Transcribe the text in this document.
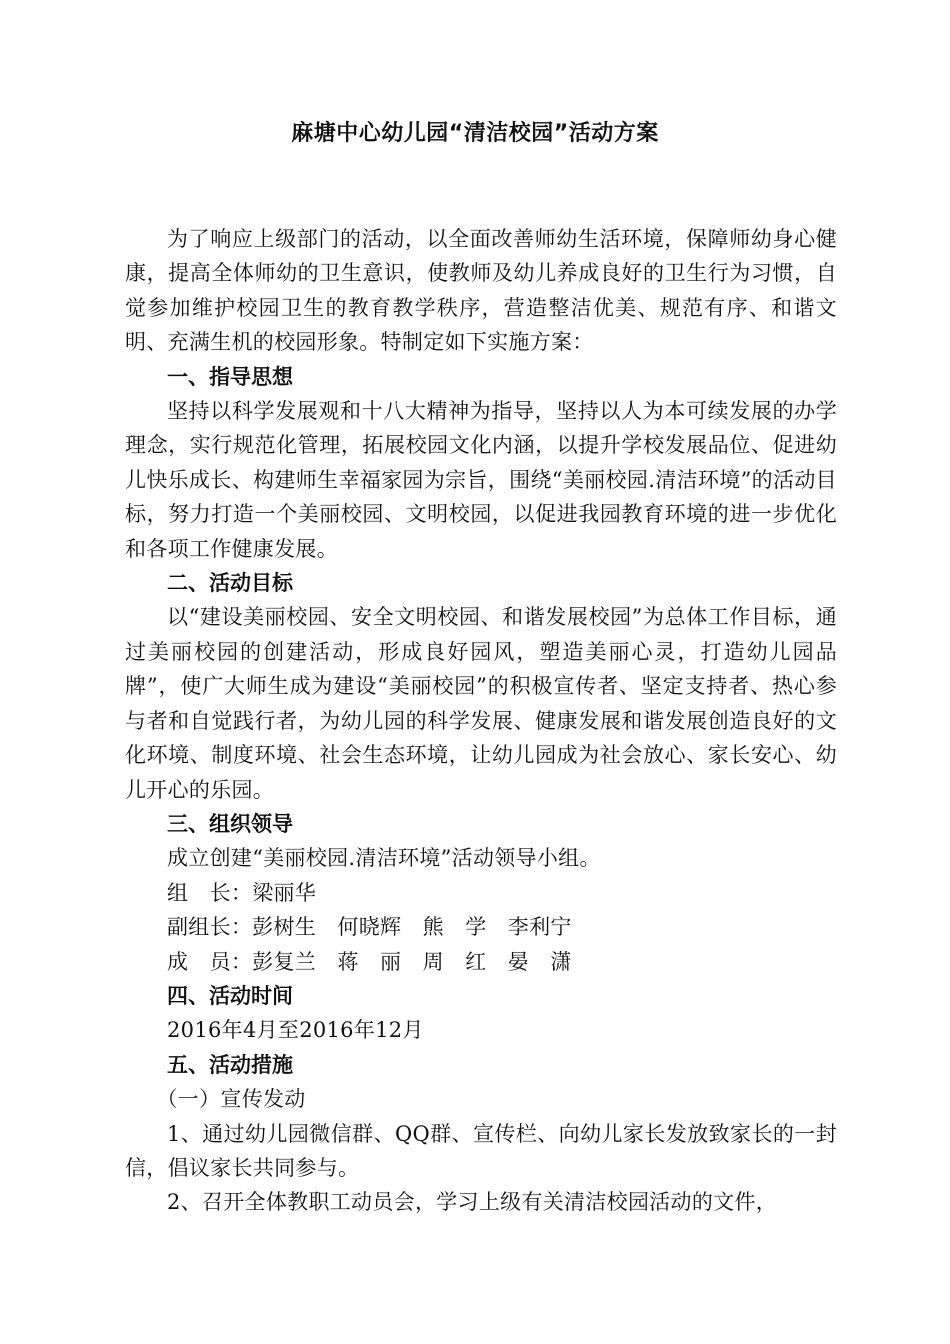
麻塘中心幼儿园“清洁校园”活动方案

为了响应上级部门的活动，以全面改善师幼生活环境，保障师幼身心健康，提高全体师幼的卫生意识，使教师及幼儿养成良好的卫生行为习惯，自觉参加维护校园卫生的教育教学秩序，营造整洁优美、规范有序、和谐文明、充满生机的校园形象。特制定如下实施方案：

一、指导思想

坚持以科学发展观和十八大精神为指导，坚持以人为本可续发展的办学理念，实行规范化管理，拓展校园文化内涵，以提升学校发展品位、促进幼儿快乐成长、构建师生幸福家园为宗旨，围绕“美丽校园.清洁环境”的活动目标，努力打造一个美丽校园、文明校园，以促进我园教育环境的进一步优化和各项工作健康发展。

二、活动目标

以“建设美丽校园、安全文明校园、和谐发展校园”为总体工作目标，通过美丽校园的创建活动，形成良好园风，塑造美丽心灵，打造幼儿园品牌”，使广大师生成为建设“美丽校园”的积极宣传者、坚定支持者、热心参与者和自觉践行者，为幼儿园的科学发展、健康发展和谐发展创造良好的文化环境、制度环境、社会生态环境，让幼儿园成为社会放心、家长安心、幼儿开心的乐园。

三、组织领导
成立创建“美丽校园.清洁环境”活动领导小组。
组　长：梁丽华
副组长：彭树生　何晓辉　熊　学　李利宁
成　员：彭复兰　蒋　丽　周　红　晏　潇
四、活动时间
2016年4月至2016年12月
五、活动措施
（一）宣传发动

1、通过幼儿园微信群、QQ群、宣传栏、向幼儿家长发放致家长的一封信，倡议家长共同参与。

2、召开全体教职工动员会，学习上级有关清洁校园活动的文件，
